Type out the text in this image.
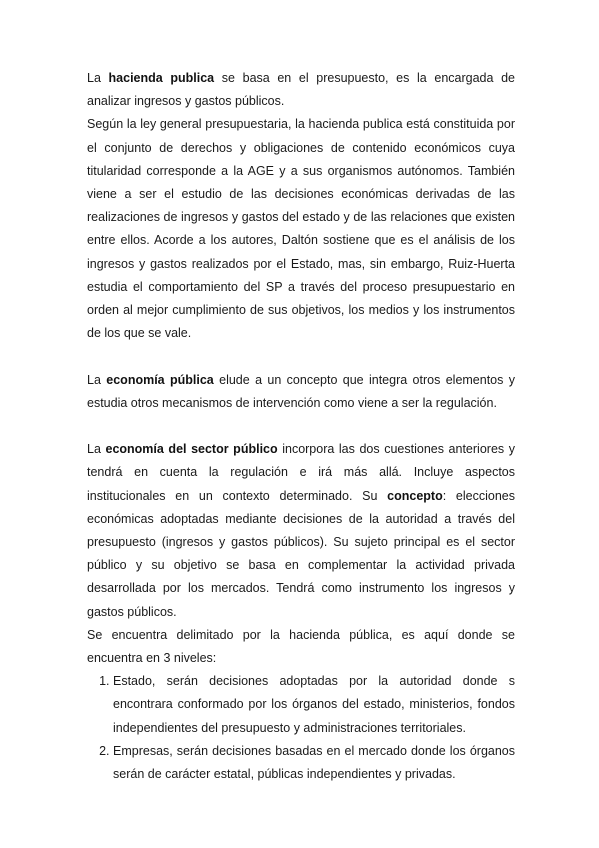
La hacienda publica se basa en el presupuesto, es la encargada de analizar ingresos y gastos públicos.

Según la ley general presupuestaria, la hacienda publica está constituida por el conjunto de derechos y obligaciones de contenido económicos cuya titularidad corresponde a la AGE y a sus organismos autónomos. También viene a ser el estudio de las decisiones económicas derivadas de las realizaciones de ingresos y gastos del estado y de las relaciones que existen entre ellos. Acorde a los autores, Daltón sostiene que es el análisis de los ingresos y gastos realizados por el Estado, mas, sin embargo, Ruiz-Huerta estudia el comportamiento del SP a través del proceso presupuestario en orden al mejor cumplimiento de sus objetivos, los medios y los instrumentos de los que se vale.

La economía pública elude a un concepto que integra otros elementos y estudia otros mecanismos de intervención como viene a ser la regulación.

La economía del sector público incorpora las dos cuestiones anteriores y tendrá en cuenta la regulación e irá más allá. Incluye aspectos institucionales en un contexto determinado. Su concepto: elecciones económicas adoptadas mediante decisiones de la autoridad a través del presupuesto (ingresos y gastos públicos). Su sujeto principal es el sector público y su objetivo se basa en complementar la actividad privada desarrollada por los mercados. Tendrá como instrumento los ingresos y gastos públicos.

Se encuentra delimitado por la hacienda pública, es aquí donde se encuentra en 3 niveles:

1. Estado, serán decisiones adoptadas por la autoridad donde s encontrara conformado por los órganos del estado, ministerios, fondos independientes del presupuesto y administraciones territoriales.
2. Empresas, serán decisiones basadas en el mercado donde los órganos serán de carácter estatal, públicas independientes y privadas.
